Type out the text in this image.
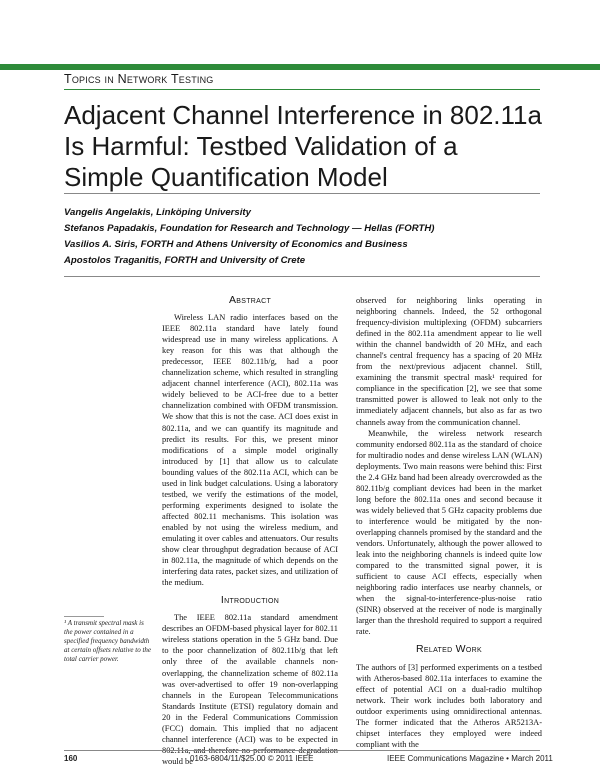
Topics in Network Testing
Adjacent Channel Interference in 802.11a Is Harmful: Testbed Validation of a Simple Quantification Model
Vangelis Angelakis, Linköping University
Stefanos Papadakis, Foundation for Research and Technology — Hellas (FORTH)
Vasilios A. Siris, FORTH and Athens University of Economics and Business
Apostolos Traganitis, FORTH and University of Crete
Abstract

Wireless LAN radio interfaces based on the IEEE 802.11a standard have lately found widespread use in many wireless applications. A key reason for this was that although the predecessor, IEEE 802.11b/g, had a poor channelization scheme, which resulted in strangling adjacent channel interference (ACI), 802.11a was widely believed to be ACI-free due to a better channelization combined with OFDM transmission. We show that this is not the case. ACI does exist in 802.11a, and we can quantify its magnitude and predict its results. For this, we present minor modifications of a simple model originally introduced by [1] that allow us to calculate bounding values of the 802.11a ACI, which can be used in link budget calculations. Using a laboratory testbed, we verify the estimations of the model, performing experiments designed to isolate the affected 802.11 mechanisms. This isolation was enabled by not using the wireless medium, and emulating it over cables and attenuators. Our results show clear throughput degradation because of ACI in 802.11a, the magnitude of which depends on the interfering data rates, packet sizes, and utilization of the medium.

Introduction

The IEEE 802.11a standard amendment describes an OFDM-based physical layer for 802.11 wireless stations operation in the 5 GHz band. Due to the poor channelization of 802.11b/g that left only three of the available channels non-overlapping, the channelization scheme of 802.11a was over-advertised to offer 19 non-overlapping channels in the European Telecommunications Standards Institute (ETSI) regulatory domain and 20 in the Federal Communications Commission (FCC) domain. This implied that no adjacent channel interference (ACI) was to be expected in would be

observed for neighboring links operating in neighboring channels. Indeed, the 52 orthogonal frequency-division multiplexing (OFDM) subcarriers defined in the 802.11a amendment appear to lie well within the channel bandwidth of 20 MHz, and each channel's central frequency has a spacing of 20 MHz from the next/previous adjacent channel. Still, examining the transmit spectral mask¹ required for compliance in the specification [2], we see that some transmitted power is allowed to leak not only to the immediately adjacent channels, but also as far as two channels away from the communication channel.

Meanwhile, the wireless network research community endorsed 802.11a as the standard of choice for multiradio nodes and dense wireless LAN (WLAN) deployments. Two main reasons were behind this: First the 2.4 GHz band had been already overcrowded as the 802.11b/g compliant devices had been in the market long before the 802.11a ones and second because it was widely believed that 5 GHz capacity problems due to interference would be mitigated by the non-overlapping channels promised by the standard and the vendors. Unfortunately, although the power allowed to leak into the neighboring channels is indeed quite low compared to the transmitted signal power, it is sufficient to cause ACI effects, especially when neighboring radio interfaces use nearby channels, or when the signal-to-interference-plus-noise ratio (SINR) observed at the receiver of node is marginally larger than the threshold required to support a required rate.

Related Work

The authors of [3] performed experiments on a testbed with Atheros-based 802.11a interfaces to examine the effect of potential ACI on a dual-radio multihop network. Their work includes both laboratory and outdoor experiments using omnidirectional antennas. The former indicated that the Atheros AR5213A-chipset interfaces they employed were indeed compliant with the

¹ A transmit spectral mask is the power contained in a specified frequency bandwidth at certain offsets relative to the total carrier power.
160	0163-6804/11/$25.00 © 2011 IEEE	IEEE Communications Magazine • March 2011
